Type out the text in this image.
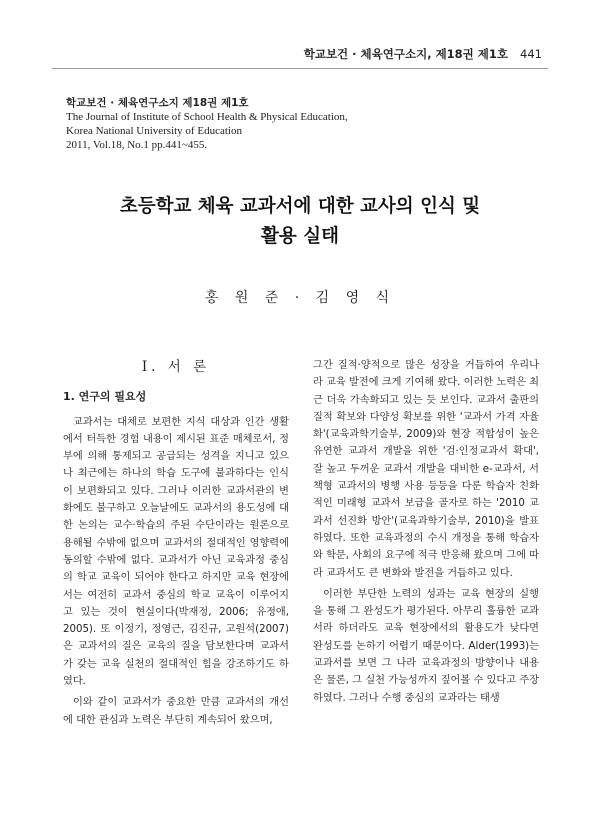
학교보건 · 체육연구소지, 제18권 제1호 441
학교보건 · 체육연구소지 제18권 제1호
The Journal of Institute of School Health & Physical Education,
Korea National University of Education
2011, Vol.18, No.1 pp.441~455.
초등학교 체육 교과서에 대한 교사의 인식 및
활용 실태
홍 원 준 · 김 영 식
Ⅰ. 서 론
1. 연구의 필요성

교과서는 대체로 보편한 지식 대상과 인간 생활에서 터득한 경험 내용이 제시된 표준 매체로서, 정부에 의해 통제되고 공급되는 성격을 지니고 있으나 최근에는 하나의 학습 도구에 불과하다는 인식이 보편화되고 있다. 그러나 이러한 교과서관의 변화에도 불구하고 오늘날에도 교과서의 용도성에 대한 논의는 교수·학습의 주된 수단이라는 원론으로 용해될 수밖에 없으며 교과서의 절대적인 영향력에 동의할 수밖에 없다. 교과서가 아닌 교육과정 중심의 학교 교육이 되어야 한다고 하지만 교육 현장에서는 여전히 교과서 중심의 학교 교육이 이루어지고 있는 것이 현실이다(박재정, 2006; 유정애, 2005). 또 이정기, 정영근, 김진규, 고원석(2007)은 교과서의 질은 교육의 질을 담보한다며 교과서가 갖는 교육 실천의 절대적인 힘을 강조하기도 하였다.

이와 같이 교과서가 중요한 만큼 교과서의 개선에 대한 관심과 노력은 부단히 계속되어 왔으며,

그간 질적·양적으로 많은 성장을 거듭하여 우리나라 교육 발전에 크게 기여해 왔다. 이러한 노력은 최근 더욱 가속화되고 있는 듯 보인다. 교과서 출판의 질적 확보와 다양성 확보를 위한 '교과서 가격 자율화'(교육과학기술부, 2009)와 현장 적합성이 높은 유연한 교과서 개발을 위한 '검·인정교과서 확대', 잘 높고 두꺼운 교과서 개발을 대비한 e-교과서, 서책형 교과서의 병행 사용 등등을 다룬 학습자 친화적인 미래형 교과서 보급을 골자로 하는 '2010 교과서 선진화 방안'(교육과학기술부, 2010)을 발표하였다. 또한 교육과정의 수시 개정을 통해 학습자와 학문, 사회의 요구에 적극 반응해 왔으며 그에 따라 교과서도 큰 변화와 발전을 거듭하고 있다.

이러한 부단한 노력의 성과는 교육 현장의 실행을 통해 그 완성도가 평가된다. 아무리 훌륭한 교과서라 하더라도 교육 현장에서의 활용도가 낮다면 완성도를 논하기 어렵기 때문이다. Alder(1993)는 교과서를 보면 그 나라 교육과정의 방향이나 내용은 물론, 그 실천 가능성까지 짚어볼 수 있다고 주장하였다. 그러나 수행 중심의 교과라는 태생
